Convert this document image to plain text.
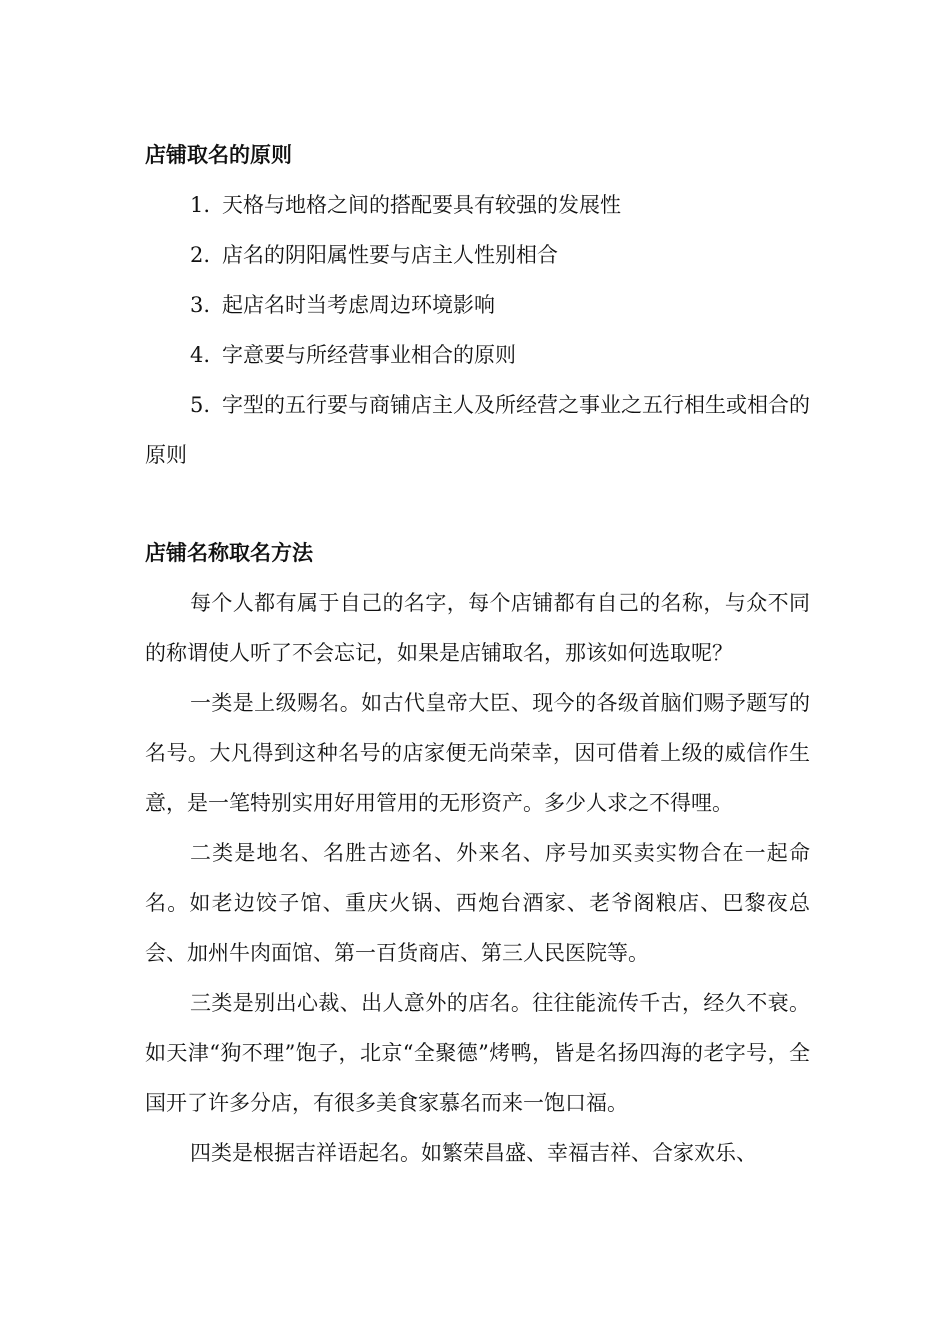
店铺取名的原则

1. 天格与地格之间的搭配要具有较强的发展性

2. 店名的阴阳属性要与店主人性别相合

3. 起店名时当考虑周边环境影响

4. 字意要与所经营事业相合的原则

5. 字型的五行要与商铺店主人及所经营之事业之五行相生或相合的原则

店铺名称取名方法

每个人都有属于自己的名字，每个店铺都有自己的名称，与众不同的称谓使人听了不会忘记，如果是店铺取名，那该如何选取呢？

一类是上级赐名。如古代皇帝大臣、现今的各级首脑们赐予题写的名号。大凡得到这种名号的店家便无尚荣幸，因可借着上级的威信作生意，是一笔特别实用好用管用的无形资产。多少人求之不得哩。

二类是地名、名胜古迹名、外来名、序号加买卖实物合在一起命名。如老边饺子馆、重庆火锅、西炮台酒家、老爷阁粮店、巴黎夜总会、加州牛肉面馆、第一百货商店、第三人民医院等。

三类是别出心裁、出人意外的店名。往往能流传千古，经久不衰。如天津“狗不理”饱子，北京“全聚德”烤鸭，皆是名扬四海的老字号，全国开了许多分店，有很多美食家慕名而来一饱口福。

四类是根据吉祥语起名。如繁荣昌盛、幸福吉祥、合家欢乐、
